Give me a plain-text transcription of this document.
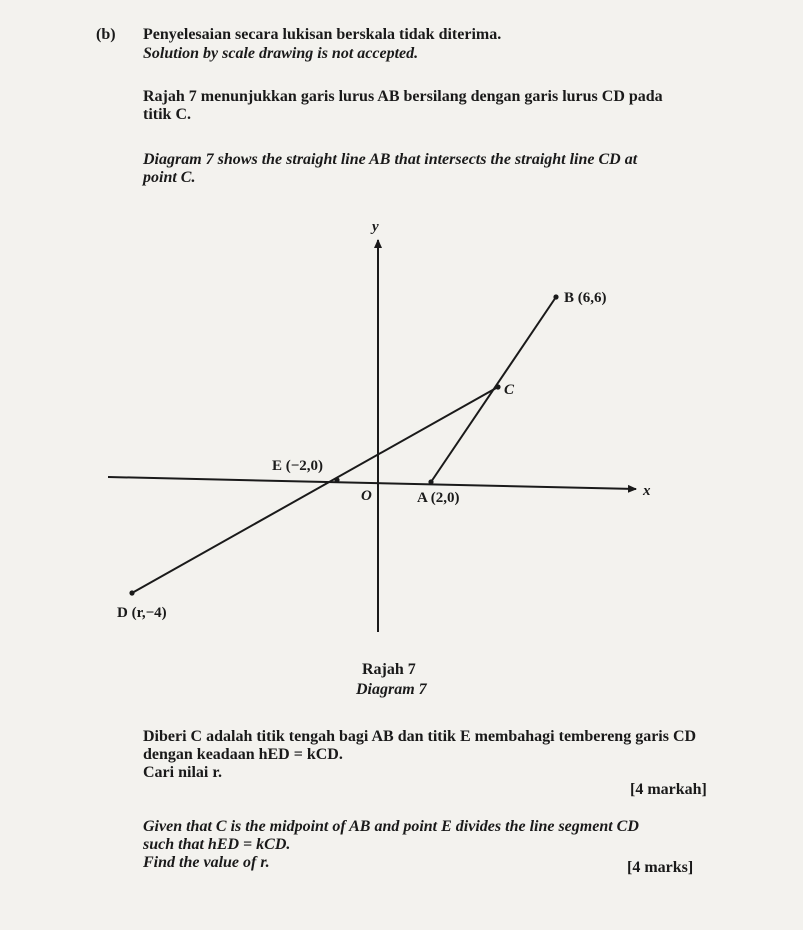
(b) Penyelesaian secara lukisan berskala tidak diterima.
Solution by scale drawing is not accepted.
Rajah 7 menunjukkan garis lurus AB bersilang dengan garis lurus CD pada
titik C.
Diagram 7 shows the straight line AB that intersects the straight line CD at
point C.
y
x
O
B (6,6)
C
E (−2,0)
A (2,0)
D (r,−4)
Rajah 7
Diagram 7
Diberi C adalah titik tengah bagi AB dan titik E membahagi tembereng garis CD
dengan keadaan hED = kCD.
Cari nilai r.
[4 markah]
Given that C is the midpoint of AB and point E divides the line segment CD
such that hED = kCD.
Find the value of r.	[4 marks]
